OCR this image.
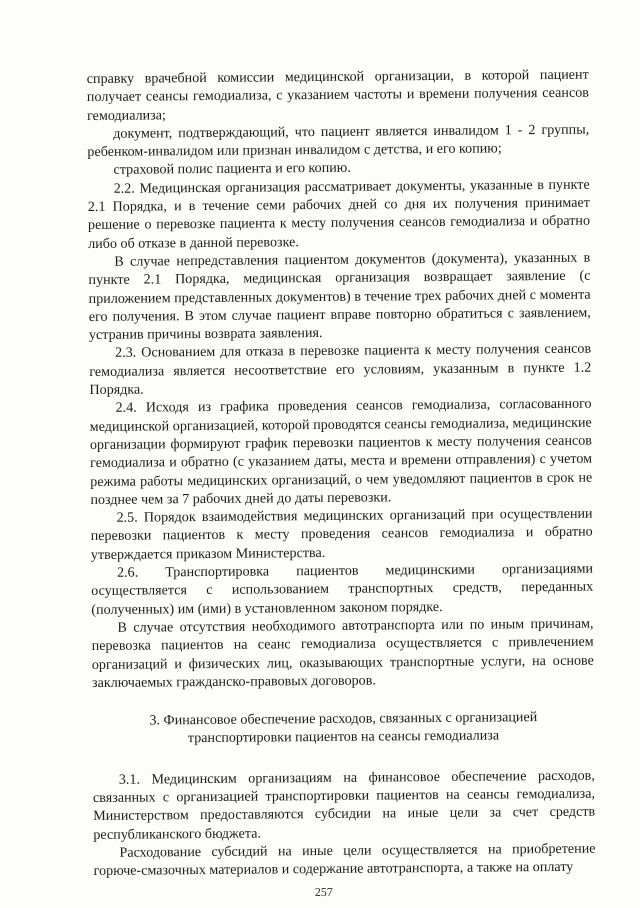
справку врачебной комиссии медицинской организации, в которой пациент получает сеансы гемодиализа, с указанием частоты и времени получения сеансов гемодиализа;

документ, подтверждающий, что пациент является инвалидом 1 - 2 группы, ребенком-инвалидом или признан инвалидом с детства, и его копию;

страховой полис пациента и его копию.

2.2. Медицинская организация рассматривает документы, указанные в пункте 2.1 Порядка, и в течение семи рабочих дней со дня их получения принимает решение о перевозке пациента к месту получения сеансов гемодиализа и обратно либо об отказе в данной перевозке.

В случае непредставления пациентом документов (документа), указанных в пункте 2.1 Порядка, медицинская организация возвращает заявление (с приложением представленных документов) в течение трех рабочих дней с момента его получения. В этом случае пациент вправе повторно обратиться с заявлением, устранив причины возврата заявления.

2.3. Основанием для отказа в перевозке пациента к месту получения сеансов гемодиализа является несоответствие его условиям, указанным в пункте 1.2 Порядка.

2.4. Исходя из графика проведения сеансов гемодиализа, согласованного медицинской организацией, которой проводятся сеансы гемодиализа, медицинские организации формируют график перевозки пациентов к месту получения сеансов гемодиализа и обратно (с указанием даты, места и времени отправления) с учетом режима работы медицинских организаций, о чем уведомляют пациентов в срок не позднее чем за 7 рабочих дней до даты перевозки.

2.5. Порядок взаимодействия медицинских организаций при осуществлении перевозки пациентов к месту проведения сеансов гемодиализа и обратно утверждается приказом Министерства.

2.6. Транспортировка пациентов медицинскими организациями осуществляется с использованием транспортных средств, переданных (полученных) им (ими) в установленном законом порядке.

В случае отсутствия необходимого автотранспорта или по иным причинам, перевозка пациентов на сеанс гемодиализа осуществляется с привлечением организаций и физических лиц, оказывающих транспортные услуги, на основе заключаемых гражданско-правовых договоров.

3. Финансовое обеспечение расходов, связанных с организацией транспортировки пациентов на сеансы гемодиализа

3.1. Медицинским организациям на финансовое обеспечение расходов, связанных с организацией транспортировки пациентов на сеансы гемодиализа, Министерством предоставляются субсидии на иные цели за счет средств республиканского бюджета.

Расходование субсидий на иные цели осуществляется на приобретение горюче-смазочных материалов и содержание автотранспорта, а также на оплату

257
